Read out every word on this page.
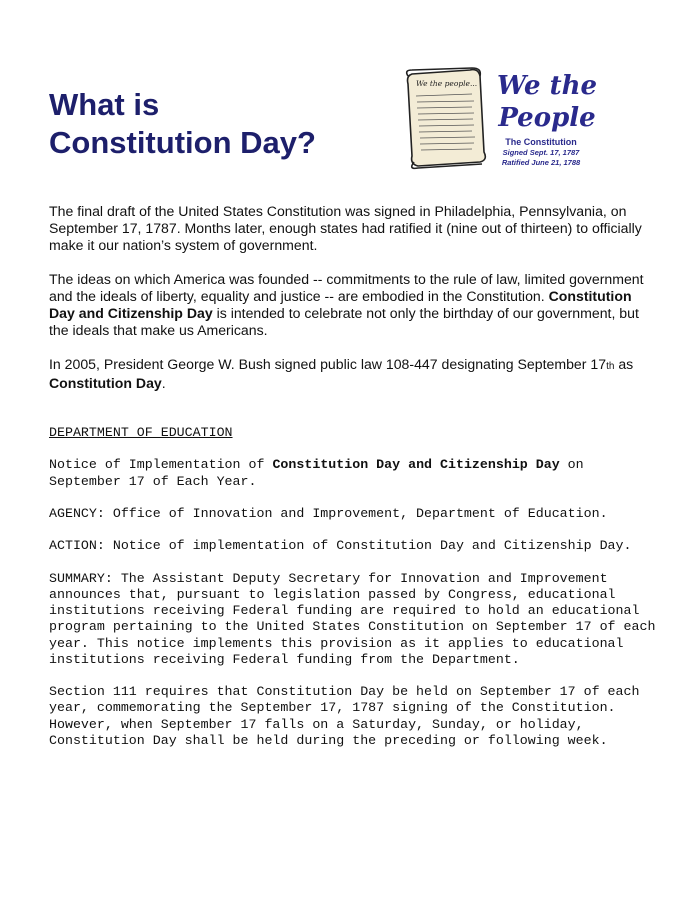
What is
Constitution Day?
We the people... We the
People
The Constitution
Signed Sept. 17, 1787
Ratified June 21, 1788

The final draft of the United States Constitution was signed in Philadelphia, Pennsylvania, on September 17, 1787. Months later, enough states had ratified it (nine out of thirteen) to officially make it our nation’s system of government.

The ideas on which America was founded -- commitments to the rule of law, limited government and the ideals of liberty, equality and justice -- are embodied in the Constitution. Constitution Day and Citizenship Day is intended to celebrate not only the birthday of our government, but the ideals that make us Americans.

In 2005, President George W. Bush signed public law 108-447 designating September 17th as Constitution Day.

DEPARTMENT OF EDUCATION

Notice of Implementation of Constitution Day and Citizenship Day on September 17 of Each Year.

AGENCY: Office of Innovation and Improvement, Department of Education.

ACTION: Notice of implementation of Constitution Day and Citizenship Day.

SUMMARY: The Assistant Deputy Secretary for Innovation and Improvement announces that, pursuant to legislation passed by Congress, educational institutions receiving Federal funding are required to hold an educational program pertaining to the United States Constitution on September 17 of each year. This notice implements this provision as it applies to educational institutions receiving Federal funding from the Department.

Section 111 requires that Constitution Day be held on September 17 of each year, commemorating the September 17, 1787 signing of the Constitution. However, when September 17 falls on a Saturday, Sunday, or holiday, Constitution Day shall be held during the preceding or following week.
